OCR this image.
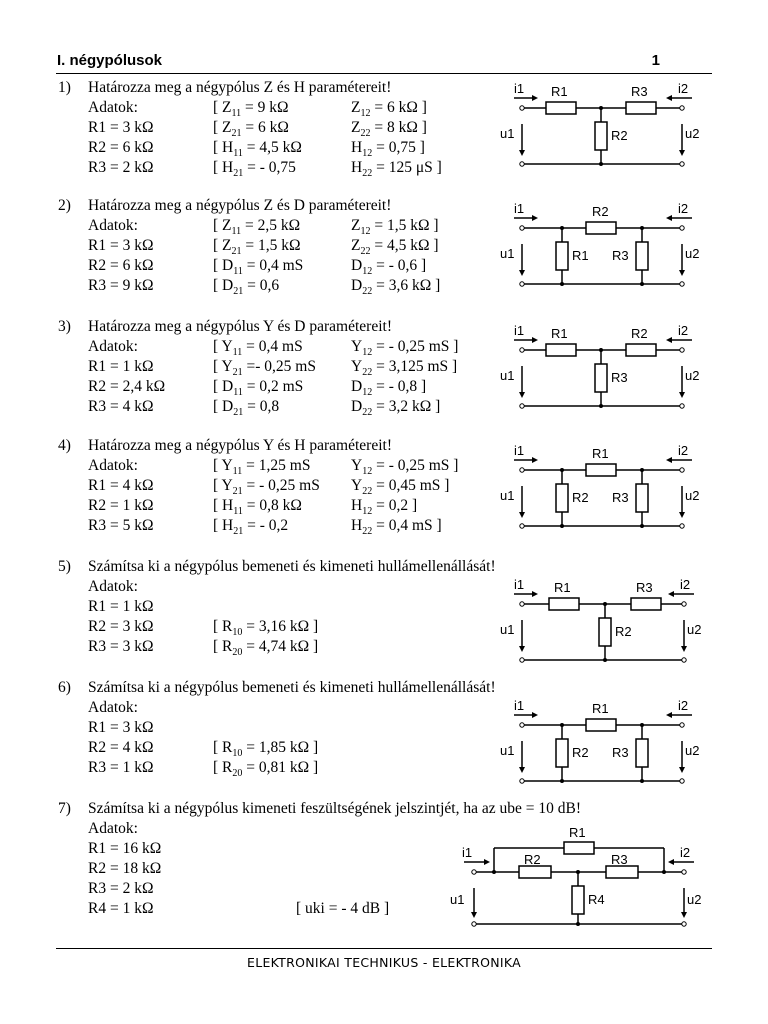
I. négypólusok	1
1) Határozza meg a négypólus Z és H paramétereit!
Adatok:	[ $Z_{11} = 9$ kΩ	$Z_{12} = 6$ kΩ ]
R1 = 3 kΩ	[ $Z_{21} = 6$ kΩ	$Z_{22} = 8$ kΩ ]
R2 = 6 kΩ	[ $H_{11} = 4,5$ kΩ	$H_{12} = 0,75$ ]
R3 = 2 kΩ	[ $H_{21}$ = - 0,75	$H_{22} = 125$ μS ]
2) Határozza meg a négypólus Z és D paramétereit!
Adatok:	[ $Z_{11} = 2,5$ kΩ	$Z_{12} = 1,5$ kΩ ]
R1 = 3 kΩ	[ $Z_{21} = 1,5$ kΩ	$Z_{22} = 4,5$ kΩ ]
R2 = 6 kΩ	[ $D_{11} = 0,4$ mS	$D_{12}$ = - 0,6 ]
R3 = 9 kΩ	[ $D_{21} = 0,6$	$D_{22} = 3,6$ kΩ ]
3) Határozza meg a négypólus Y és D paramétereit!
Adatok:	[ $Y_{11} = 0,4$ mS	$Y_{12}$ = - 0,25 mS ]
R1 = 1 kΩ	[ $Y_{21} =- 0,25$ mS $Y_{22} = 3,125$ mS ]
R2 = 2,4 kΩ	[ $D_{11} = 0,2$ mS	$D_{12}$ = - 0,8 ]
R3 = 4 kΩ	[ $D_{21} = 0,8$	$D_{22} = 3,2$ kΩ ]
4) Határozza meg a négypólus Y és H paramétereit!
Adatok:	[ $Y_{11} = 1,25$ mS	$Y_{12}$ = - 0,25 mS ]
R1 = 4 kΩ	[ $Y_{21}$ = - 0,25 mS $Y_{22} = 0,45$ mS ]
R2 = 1 kΩ	[ $H_{11} = 0,8$ kΩ	$H_{12} = 0,2$ ]
R3 = 5 kΩ	[ $H_{21}$ = - 0,2	$H_{22} = 0,4$ mS ]
5) Számítsa ki a négypólus bemeneti és kimeneti hullámellenállását!
Adatok:
R1 = 1 kΩ
R2 = 3 kΩ	[ $R_{10} = 3,16$ kΩ ]
R3 = 3 kΩ	[ $R_{20} = 4,74$ kΩ ]
6) Számítsa ki a négypólus bemeneti és kimeneti hullámellenállását!
Adatok:
R1 = 3 kΩ
R2 = 4 kΩ	[ $R_{10} = 1,85$ kΩ ]
R3 = 1 kΩ	[ $R_{20} = 0,81$ kΩ ]
7) Számítsa ki a négypólus kimeneti feszültségének jelszintjét, ha az ube = 10 dB!
Adatok:
R1 = 16 kΩ
R2 = 18 kΩ
R3 = 2 kΩ
R4 = 1 kΩ	[ uki = - 4 dB ]
i1	i2
u1	u2
R1	R3
R2
i1	i2
u1	u2
R2
R1 R3
i1	i2
u1	u2
R1	R2
R3
i1	i2
u1	u2
R1
R2 R3
i1	i2
u1	u2
R1	R3
R2
i1	i2
u1	u2
R1
R2 R3
i1	i2
u1	u2
R1
R2	R3
R4
ELEKTRONIKAI TECHNIKUS - ELEKTRONIKA
